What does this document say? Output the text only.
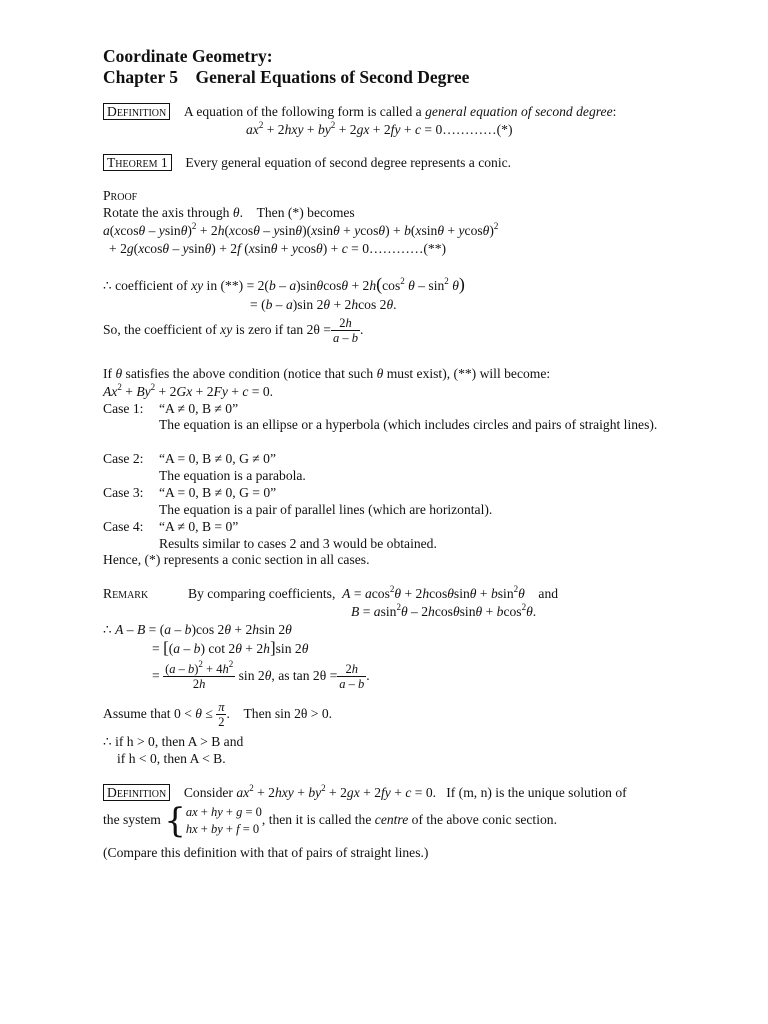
Coordinate Geometry:
Chapter 5    General Equations of Second Degree
Definition A equation of the following form is called a general equation of second degree:
$ax^2 + 2hxy + by^2 + 2gx + 2fy + c$ = 0…………(*)
Theorem 1 Every general equation of second degree represents a conic.
Proof
Rotate the axis through θ.    Then (*) becomes
$a(xcos\theta - ysin\theta)^2 + 2h(xcos\theta - ysin\theta)(xsin\theta + ycos\theta) + b(xsin\theta + ycos\theta)^2$
+ 2g(xcosθ – ysinθ) + 2f (xsinθ + ycosθ) + c = 0…………(**)
∴ coefficient of xy in (**) = $2(b - a)\sin\theta\cos\theta + 2h(\cos^2$ θ – $\sin^2 \theta$)
= (b – a)sin 2θ + 2hcos 2θ.
So, the coefficient of xy is zero if $\tan 2\theta = \frac{2h}{a - b}$ .
If θ satisfies the above condition (notice that such θ must exist), (**) will become:
$Ax^2 + By^2 + 2Gx + 2Fy + c = 0$.
Case 1: “A ≠ 0, B ≠ 0”
The equation is an ellipse or a hyperbola (which includes circles and pairs of straight lines).
Case 2: “A = 0, B ≠ 0, G ≠ 0”
The equation is a parabola.
Case 3: “A = 0, B ≠ 0, G = 0”
The equation is a pair of parallel lines (which are horizontal).
Case 4: “A ≠ 0, B = 0”
Results similar to cases 2 and 3 would be obtained.
Hence, (*) represents a conic section in all cases.
Remark	By comparing coefficients, A = acos$^2$θ + 2hcosθsinθ + bsin$^2$θ and
B = asin$^2$θ – 2hcosθsinθ + bcos$^2$θ.
∴ A – B = (a – b)cos 2θ + 2hsin 2θ
= [(a – b) cot 2θ + 2h]sin 2θ
= $\frac{(a - b)^2 + 4h^2}{2h}$ sin 2θ, as $\tan 2\theta = \frac{2h}{a - b}$ .
Assume that $0 < \theta \le \frac{\pi}{2}$ .    Then sin 2θ > 0.
∴ if h > 0, then A > B and
if h < 0, then A < B.
Definition Consider $ax^2 + 2hxy + by^2 + 2gx + 2fy + c = 0$.   If (m, n) is the unique solution of
the system { ax + hy + g = 0
hx + by + f = 0
, then it is called the centre of the above conic section.
(Compare this definition with that of pairs of straight lines.)
